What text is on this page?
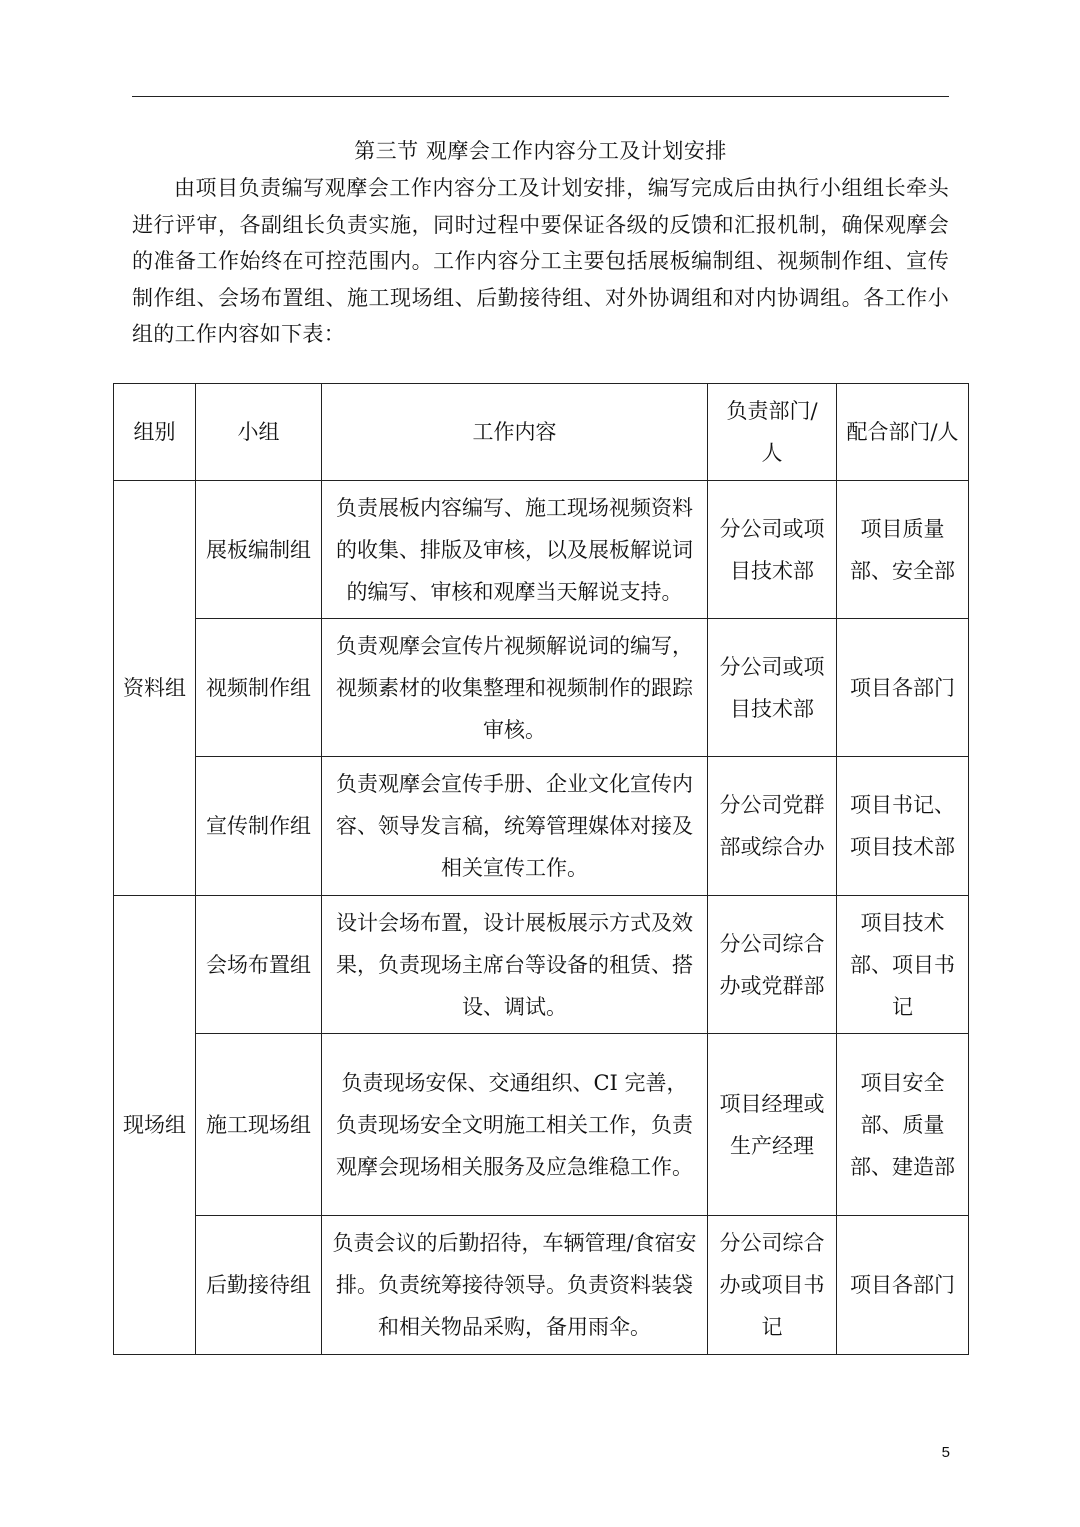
第三节 观摩会工作内容分工及计划安排

由项目负责编写观摩会工作内容分工及计划安排，编写完成后由执行小组组长牵头进行评审，各副组长负责实施，同时过程中要保证各级的反馈和汇报机制，确保观摩会的准备工作始终在可控范围内。工作内容分工主要包括展板编制组、视频制作组、宣传制作组、会场布置组、施工现场组、后勤接待组、对外协调组和对内协调组。各工作小组的工作内容如下表：

组别	小组	工作内容	负责部门/人	配合部门/人
资料组	展板编制组	负责展板内容编写、施工现场视频资料的收集、排版及审核，以及展板解说词的编写、审核和观摩当天解说支持。	分公司或项目技术部	项目质量部、安全部
	视频制作组	负责观摩会宣传片视频解说词的编写，视频素材的收集整理和视频制作的跟踪审核。	分公司或项目技术部	项目各部门
	宣传制作组	负责观摩会宣传手册、企业文化宣传内容、领导发言稿，统筹管理媒体对接及相关宣传工作。	分公司党群部或综合办	项目书记、项目技术部
现场组	会场布置组	设计会场布置，设计展板展示方式及效果，负责现场主席台等设备的租赁、搭设、调试。	分公司综合办或党群部	项目技术部、项目书记
	施工现场组	负责现场安保、交通组织、CI 完善，负责现场安全文明施工相关工作，负责观摩会现场相关服务及应急维稳工作。	项目经理或生产经理	项目安全部、质量部、建造部
	后勤接待组	负责会议的后勤招待，车辆管理/食宿安排。负责统筹接待领导。负责资料装袋和相关物品采购，备用雨伞。	分公司综合办或项目书记	项目各部门
5
